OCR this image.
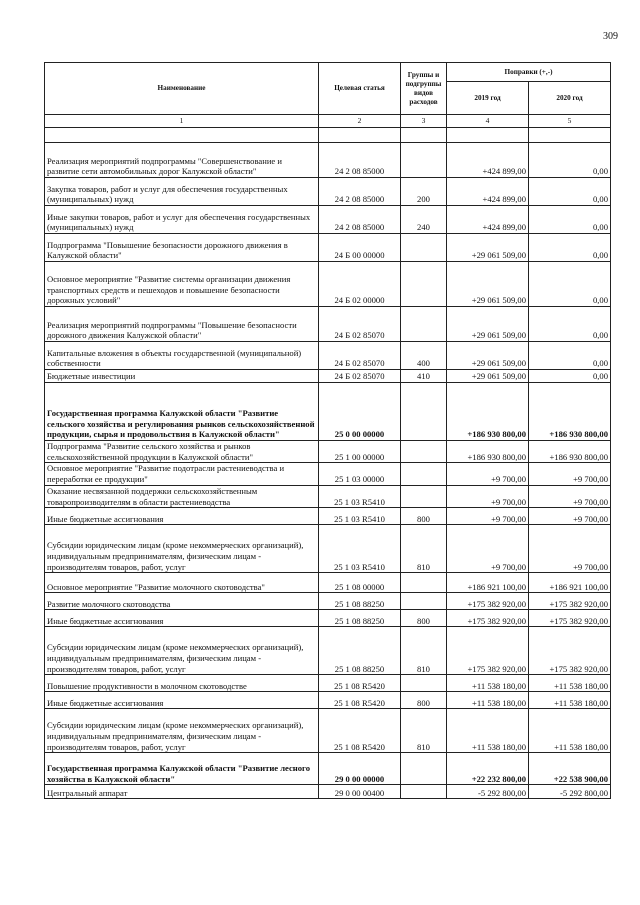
309
Наименование	Целевая статья	Группы и подгруппы видов расходов	Поправки (+,-)	
			2019 год	2020 год
1	2	3	4	5

Реализация мероприятий подпрограммы "Совершенствование и развитие сети автомобильных дорог Калужской области"	24 2 08 85000		+424 899,00	0,00
Закупка товаров, работ и услуг для обеспечения государственных (муниципальных) нужд	24 2 08 85000	200	+424 899,00	0,00
Иные закупки товаров, работ и услуг для обеспечения государственных (муниципальных) нужд	24 2 08 85000	240	+424 899,00	0,00
Подпрограмма "Повышение безопасности дорожного движения в Калужской области"	24 Б 00 00000		+29 061 509,00	0,00
Основное мероприятие "Развитие системы организации движения транспортных средств и пешеходов и повышение безопасности дорожных условий"	24 Б 02 00000		+29 061 509,00	0,00
Реализация мероприятий подпрограммы "Повышение безопасности дорожного движения Калужской области"	24 Б 02 85070		+29 061 509,00	0,00
Капитальные вложения в объекты государственной (муниципальной) собственности	24 Б 02 85070	400	+29 061 509,00	0,00
Бюджетные инвестиции	24 Б 02 85070	410	+29 061 509,00	0,00
Государственная программа Калужской области "Развитие сельского хозяйства и регулирования рынков сельскохозяйственной продукции, сырья и продовольствия в Калужской области"	25 0 00 00000		+186 930 800,00	+186 930 800,00
Подпрограмма "Развитие сельского хозяйства и рынков сельскохозяйственной продукции в Калужской области"	25 1 00 00000		+186 930 800,00	+186 930 800,00
Основное мероприятие "Развитие подотрасли растениеводства и переработки ее продукции"	25 1 03 00000		+9 700,00	+9 700,00
Оказание несвязанной поддержки сельскохозяйственным товаропроизводителям в области растениеводства	25 1 03 R5410		+9 700,00	+9 700,00
Иные бюджетные ассигнования	25 1 03 R5410	800	+9 700,00	+9 700,00
Субсидии юридическим лицам (кроме некоммерческих организаций), индивидуальным предпринимателям, физическим лицам - производителям товаров, работ, услуг	25 1 03 R5410	810	+9 700,00	+9 700,00
Основное мероприятие "Развитие молочного скотоводства"	25 1 08 00000		+186 921 100,00	+186 921 100,00
Развитие молочного скотоводства	25 1 08 88250		+175 382 920,00	+175 382 920,00
Иные бюджетные ассигнования	25 1 08 88250	800	+175 382 920,00	+175 382 920,00
Субсидии юридическим лицам (кроме некоммерческих организаций), индивидуальным предпринимателям, физическим лицам - производителям товаров, работ, услуг	25 1 08 88250	810	+175 382 920,00	+175 382 920,00
Повышение продуктивности в молочном скотоводстве	25 1 08 R5420		+11 538 180,00	+11 538 180,00
Иные бюджетные ассигнования	25 1 08 R5420	800	+11 538 180,00	+11 538 180,00
Субсидии юридическим лицам (кроме некоммерческих организаций), индивидуальным предпринимателям, физическим лицам - производителям товаров, работ, услуг	25 1 08 R5420	810	+11 538 180,00	+11 538 180,00
Государственная программа Калужской области "Развитие лесного хозяйства в Калужской области"	29 0 00 00000		+22 232 800,00	+22 538 900,00
Центральный аппарат	29 0 00 00400		-5 292 800,00	-5 292 800,00
